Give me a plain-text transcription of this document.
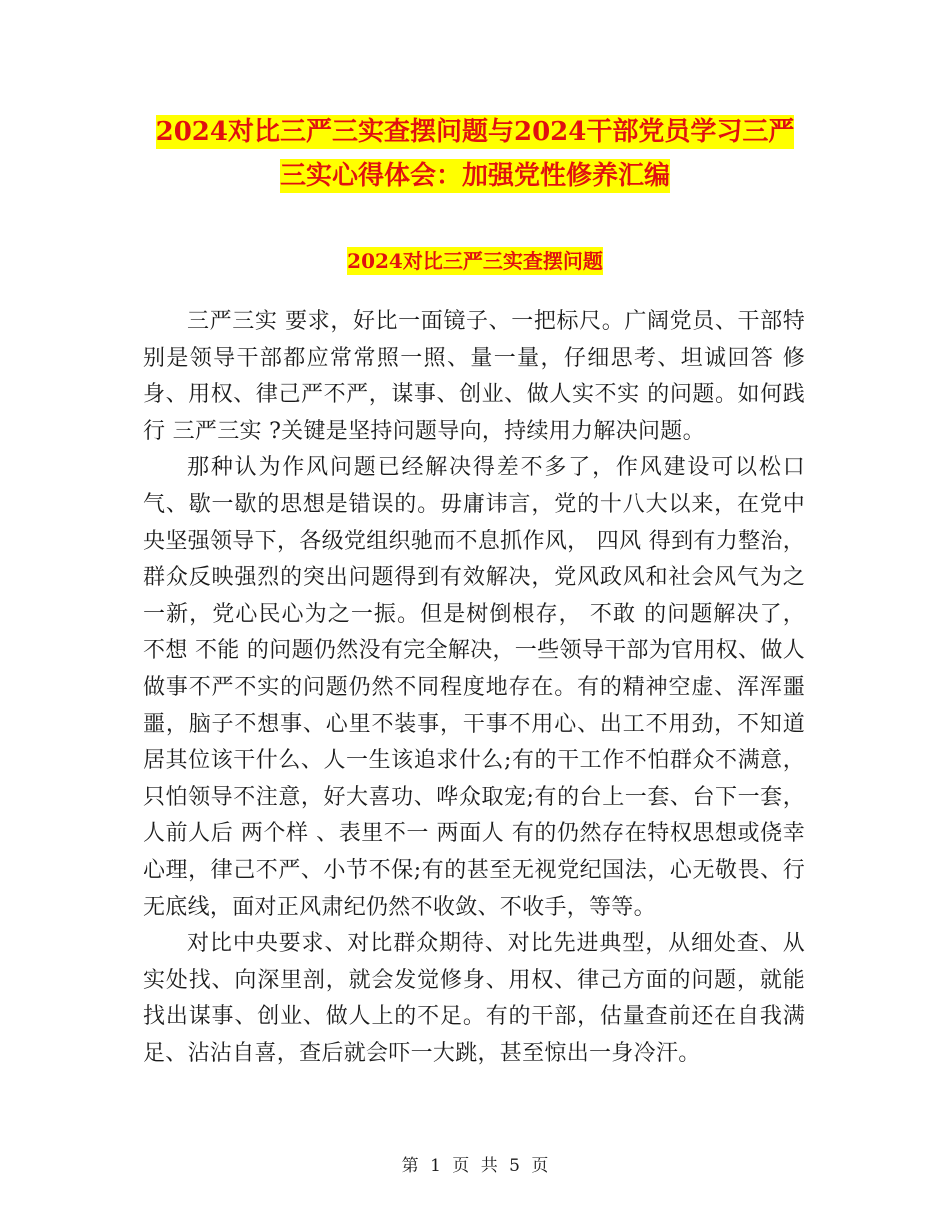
2024对比三严三实查摆问题与2024干部党员学习三严
三实心得体会：加强党性修养汇编
2024对比三严三实查摆问题

三严三实 要求，好比一面镜子、一把标尺。广阔党员、干部特别是领导干部都应常常照一照、量一量，仔细思考、坦诚回答 修身、用权、律己严不严，谋事、创业、做人实不实 的问题。如何践行 三严三实 ?关键是坚持问题导向，持续用力解决问题。

那种认为作风问题已经解决得差不多了，作风建设可以松口气、歇一歇的思想是错误的。毋庸讳言，党的十八大以来，在党中央坚强领导下，各级党组织驰而不息抓作风， 四风 得到有力整治，群众反映强烈的突出问题得到有效解决，党风政风和社会风气为之一新，党心民心为之一振。但是树倒根存， 不敢 的问题解决了， 不想 不能 的问题仍然没有完全解决，一些领导干部为官用权、做人做事不严不实的问题仍然不同程度地存在。有的精神空虚、浑浑噩噩，脑子不想事、心里不装事，干事不用心、出工不用劲，不知道居其位该干什么、人一生该追求什么;有的干工作不怕群众不满意，只怕领导不注意，好大喜功、哗众取宠;有的台上一套、台下一套，人前人后 两个样 、表里不一 两面人 有的仍然存在特权思想或侥幸心理，律己不严、小节不保;有的甚至无视党纪国法，心无敬畏、行无底线，面对正风肃纪仍然不收敛、不收手，等等。

对比中央要求、对比群众期待、对比先进典型，从细处查、从实处找、向深里剖，就会发觉修身、用权、律己方面的问题，就能找出谋事、创业、做人上的不足。有的干部，估量查前还在自我满足、沾沾自喜，查后就会吓一大跳，甚至惊出一身冷汗。

第 1 页 共 5 页
